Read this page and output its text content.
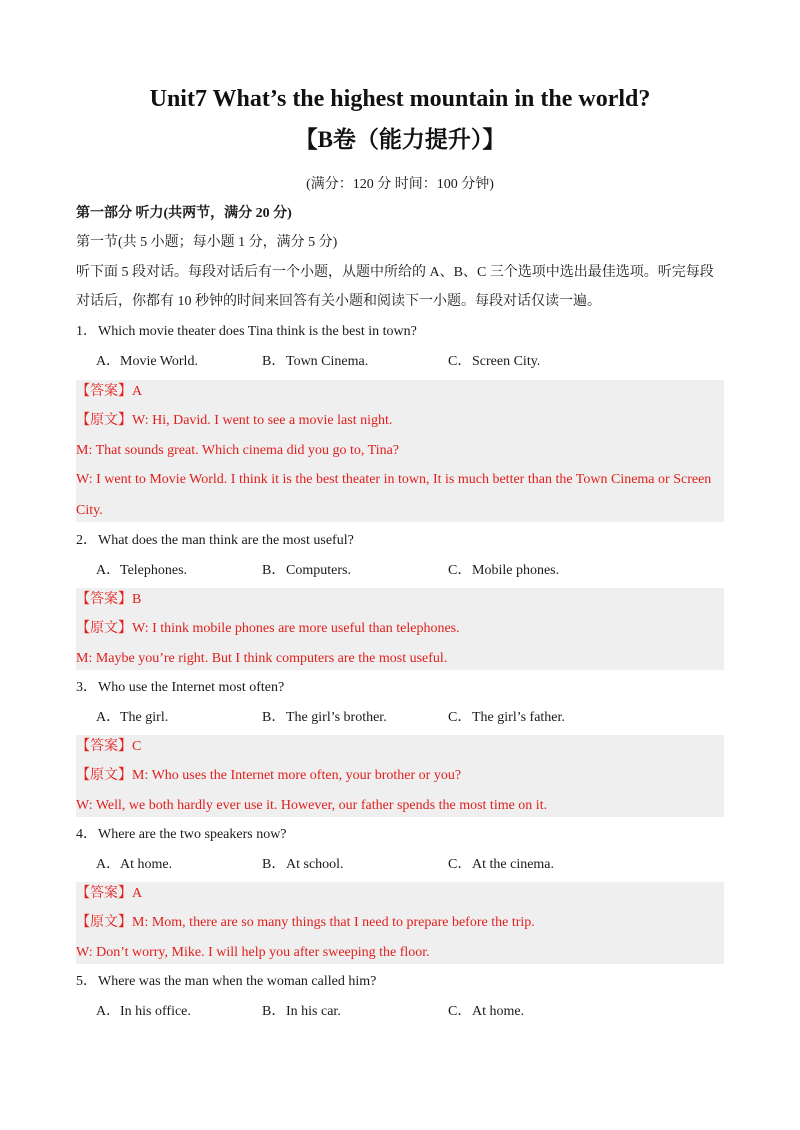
Unit7 What’s the highest mountain in the world?
【B卷（能力提升）】
(满分：120 分 时间：100 分钟)
第一部分 听力(共两节，满分 20 分)
第一节(共 5 小题；每小题 1 分，满分 5 分)
听下面 5 段对话。每段对话后有一个小题，从题中所给的 A、B、C 三个选项中选出最佳选项。听完每段
对话后，你都有 10 秒钟的时间来回答有关小题和阅读下一小题。每段对话仅读一遍。
1．Which movie theater does Tina think is the best in town?
A．Movie World.	B．Town Cinema.	C．Screen City.
【答案】A
【原文】W: Hi, David. I went to see a movie last night.
M: That sounds great. Which cinema did you go to, Tina?
W: I went to Movie World. I think it is the best theater in town, It is much better than the Town Cinema or Screen
City.
2．What does the man think are the most useful?
A．Telephones.	B．Computers.	C．Mobile phones.
【答案】B
【原文】W: I think mobile phones are more useful than telephones.
M: Maybe you’re right. But I think computers are the most useful.
3．Who use the Internet most often?
A．The girl.	B．The girl’s brother.	C．The girl’s father.
【答案】C
【原文】M: Who uses the Internet more often, your brother or you?
W: Well, we both hardly ever use it. However, our father spends the most time on it.
4．Where are the two speakers now?
A．At home.	B．At school.	C．At the cinema.
【答案】A
【原文】M: Mom, there are so many things that I need to prepare before the trip.
W: Don’t worry, Mike. I will help you after sweeping the floor.
5．Where was the man when the woman called him?
A．In his office.	B．In his car.	C．At home.
